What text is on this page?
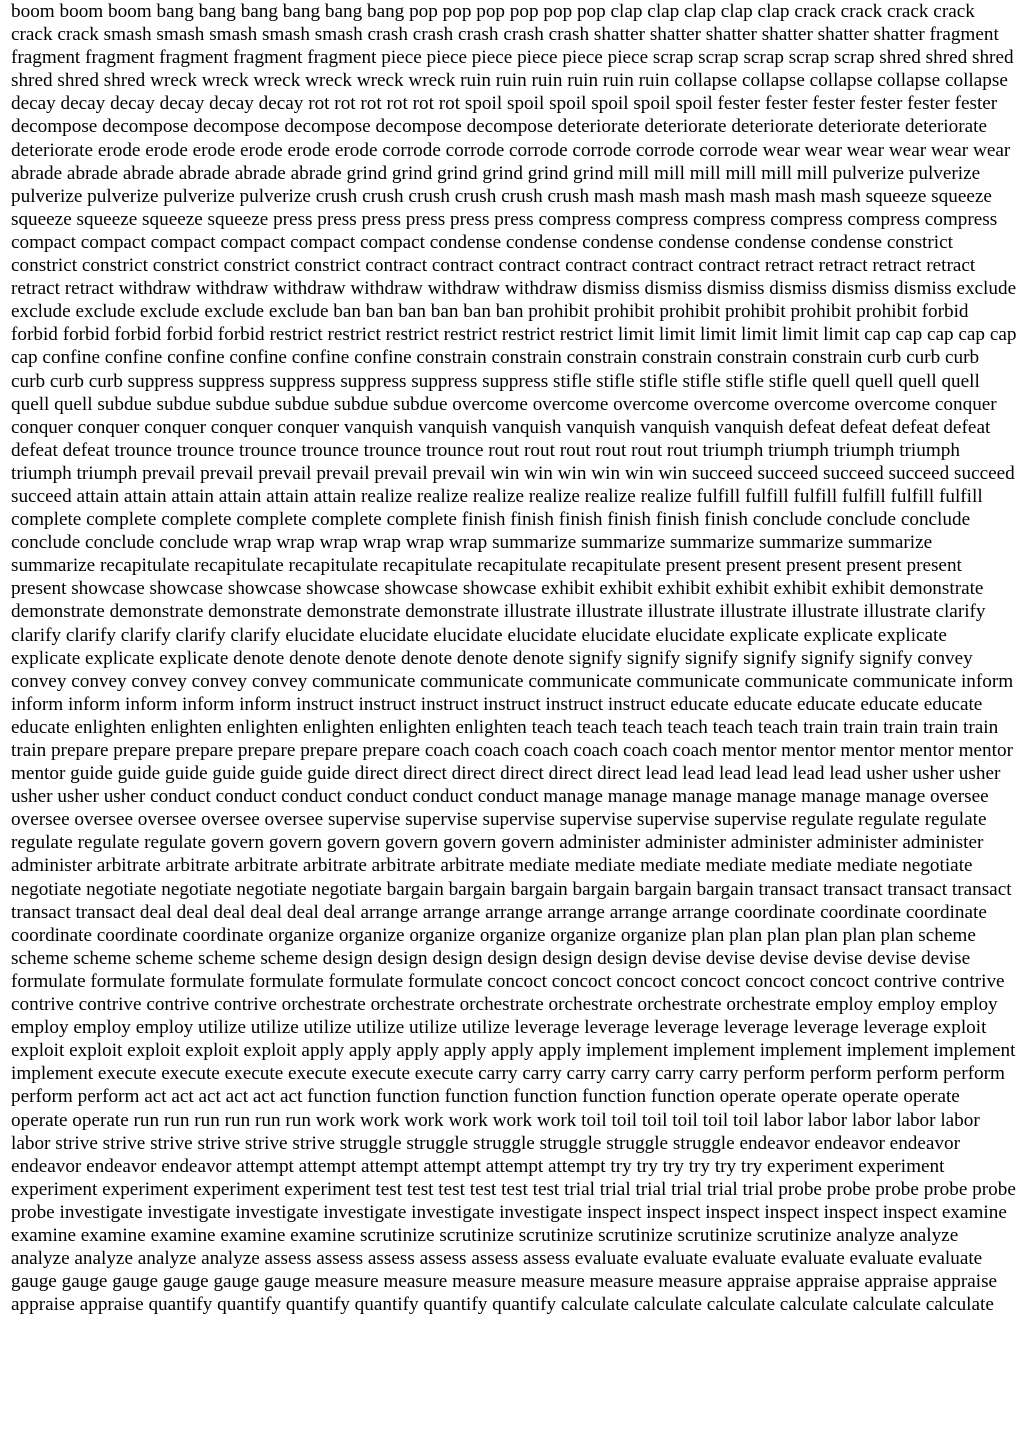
boom boom boom bang bang bang bang bang bang pop pop pop pop pop pop clap clap clap clap clap crack crack crack crack crack crack smash smash smash smash smash crash crash crash crash crash shatter shatter shatter shatter shatter shatter fragment fragment fragment fragment fragment fragment piece piece piece piece piece piece scrap scrap scrap scrap scrap shred shred shred shred shred shred wreck wreck wreck wreck wreck wreck ruin ruin ruin ruin ruin ruin collapse collapse collapse collapse collapse decay decay decay decay decay decay rot rot rot rot rot rot spoil spoil spoil spoil spoil spoil fester fester fester fester fester fester decompose decompose decompose decompose decompose decompose deteriorate deteriorate deteriorate deteriorate deteriorate deteriorate erode erode erode erode erode erode corrode corrode corrode corrode corrode corrode wear wear wear wear wear wear abrade abrade abrade abrade abrade abrade grind grind grind grind grind grind mill mill mill mill mill mill pulverize pulverize pulverize pulverize pulverize pulverize crush crush crush crush crush crush mash mash mash mash mash mash squeeze squeeze squeeze squeeze squeeze squeeze press press press press press press compress compress compress compress compress compress compact compact compact compact compact compact condense condense condense condense condense condense constrict constrict constrict constrict constrict constrict contract contract contract contract contract contract retract retract retract retract retract retract withdraw withdraw withdraw withdraw withdraw withdraw dismiss dismiss dismiss dismiss dismiss dismiss exclude exclude exclude exclude exclude exclude ban ban ban ban ban ban prohibit prohibit prohibit prohibit prohibit prohibit forbid forbid forbid forbid forbid forbid restrict restrict restrict restrict restrict restrict limit limit limit limit limit limit cap cap cap cap cap cap confine confine confine confine confine confine constrain constrain constrain constrain constrain constrain curb curb curb curb curb curb suppress suppress suppress suppress suppress suppress stifle stifle stifle stifle stifle stifle quell quell quell quell quell quell subdue subdue subdue subdue subdue subdue overcome overcome overcome overcome overcome overcome conquer conquer conquer conquer conquer conquer vanquish vanquish vanquish vanquish vanquish vanquish defeat defeat defeat defeat defeat defeat trounce trounce trounce trounce trounce trounce rout rout rout rout rout rout triumph triumph triumph triumph triumph triumph prevail prevail prevail prevail prevail prevail win win win win win win succeed succeed succeed succeed succeed succeed attain attain attain attain attain attain realize realize realize realize realize realize fulfill fulfill fulfill fulfill fulfill fulfill complete complete complete complete complete complete finish finish finish finish finish finish conclude conclude conclude conclude conclude conclude wrap wrap wrap wrap wrap wrap summarize summarize summarize summarize summarize summarize recapitulate recapitulate recapitulate recapitulate recapitulate recapitulate present present present present present present showcase showcase showcase showcase showcase showcase exhibit exhibit exhibit exhibit exhibit exhibit demonstrate demonstrate demonstrate demonstrate demonstrate demonstrate illustrate illustrate illustrate illustrate illustrate illustrate clarify clarify clarify clarify clarify clarify elucidate elucidate elucidate elucidate elucidate elucidate explicate explicate explicate explicate explicate explicate denote denote denote denote denote denote signify signify signify signify signify signify convey convey convey convey convey convey communicate communicate communicate communicate communicate communicate inform inform inform inform inform inform instruct instruct instruct instruct instruct instruct educate educate educate educate educate educate enlighten enlighten enlighten enlighten enlighten enlighten teach teach teach teach teach teach train train train train train train prepare prepare prepare prepare prepare prepare coach coach coach coach coach coach mentor mentor mentor mentor mentor mentor guide guide guide guide guide guide direct direct direct direct direct direct lead lead lead lead lead lead usher usher usher usher usher usher conduct conduct conduct conduct conduct conduct manage manage manage manage manage manage oversee oversee oversee oversee oversee oversee supervise supervise supervise supervise supervise supervise regulate regulate regulate regulate regulate regulate govern govern govern govern govern govern administer administer administer administer administer administer arbitrate arbitrate arbitrate arbitrate arbitrate arbitrate mediate mediate mediate mediate mediate mediate negotiate negotiate negotiate negotiate negotiate negotiate bargain bargain bargain bargain bargain bargain transact transact transact transact transact transact deal deal deal deal deal deal arrange arrange arrange arrange arrange arrange coordinate coordinate coordinate coordinate coordinate coordinate organize organize organize organize organize organize plan plan plan plan plan plan scheme scheme scheme scheme scheme scheme design design design design design design devise devise devise devise devise devise formulate formulate formulate formulate formulate formulate concoct concoct concoct concoct concoct concoct contrive contrive contrive contrive contrive contrive orchestrate orchestrate orchestrate orchestrate orchestrate orchestrate employ employ employ employ employ employ utilize utilize utilize utilize utilize utilize leverage leverage leverage leverage leverage leverage exploit exploit exploit exploit exploit exploit apply apply apply apply apply apply implement implement implement implement implement implement execute execute execute execute execute execute carry carry carry carry carry carry perform perform perform perform perform perform act act act act act act function function function function function function operate operate operate operate operate operate run run run run run run work work work work work work toil toil toil toil toil toil labor labor labor labor labor labor strive strive strive strive strive strive struggle struggle struggle struggle struggle struggle endeavor endeavor endeavor endeavor endeavor endeavor attempt attempt attempt attempt attempt attempt try try try try try try experiment experiment experiment experiment experiment experiment test test test test test test trial trial trial trial trial trial probe probe probe probe probe probe investigate investigate investigate investigate investigate investigate inspect inspect inspect inspect inspect inspect examine examine examine examine examine examine scrutinize scrutinize scrutinize scrutinize scrutinize scrutinize analyze analyze analyze analyze analyze analyze assess assess assess assess assess assess evaluate evaluate evaluate evaluate evaluate evaluate gauge gauge gauge gauge gauge gauge measure measure measure measure measure measure appraise appraise appraise appraise appraise appraise quantify quantify quantify quantify quantify quantify calculate calculate calculate calculate calculate calculate
